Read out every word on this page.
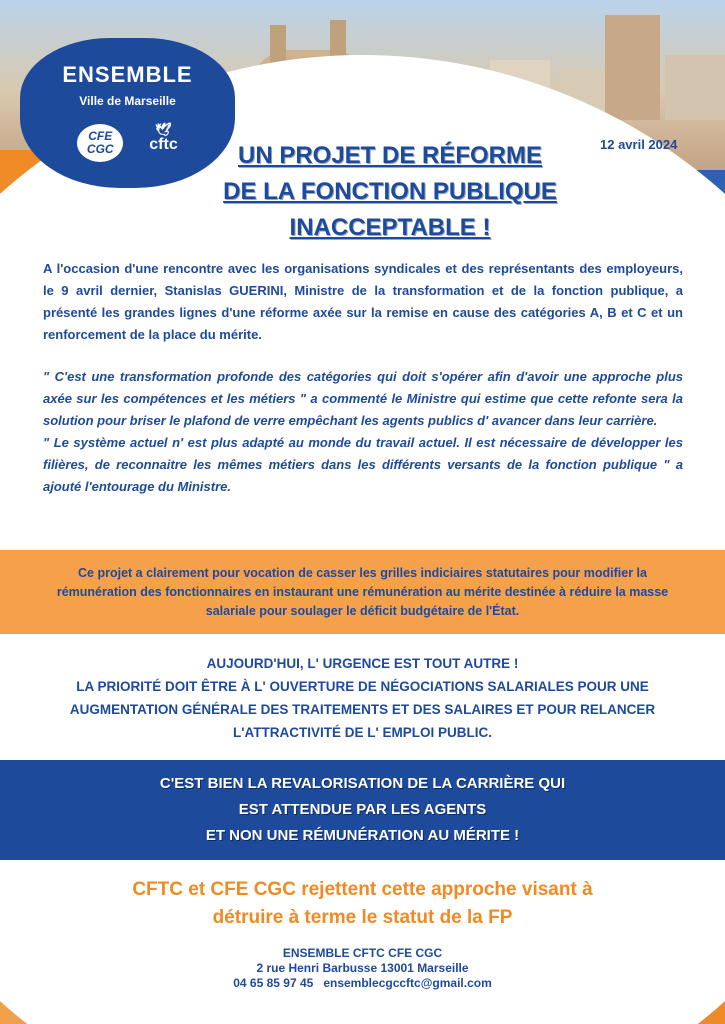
ENSEMBLE
Ville de Marseille
CFE CGC
🕊
cftc	12 avril 2024
UN PROJET DE RÉFORME
DE LA FONCTION PUBLIQUE
INACCEPTABLE !
A l'occasion d'une rencontre avec les organisations syndicales et des représentants des employeurs, le 9 avril dernier, Stanislas GUERINI, Ministre de la transformation et de la fonction publique, a présenté les grandes lignes d'une réforme axée sur la remise en cause des catégories A, B et C et un renforcement de la place du mérite.
" C'est une transformation profonde des catégories qui doit s'opérer afin d'avoir une approche plus axée sur les compétences et les métiers " a commenté le Ministre qui estime que cette refonte sera la solution pour briser le plafond de verre empêchant les agents publics d' avancer dans leur carrière.
" Le système actuel n' est plus adapté au monde du travail actuel. Il est nécessaire de développer les filières, de reconnaitre les mêmes métiers dans les différents versants de la fonction publique " a ajouté l'entourage du Ministre.
Ce projet a clairement pour vocation de casser les grilles indiciaires statutaires pour modifier la rémunération des fonctionnaires en instaurant une rémunération au mérite destinée à réduire la masse salariale pour soulager le déficit budgétaire de l'État.
AUJOURD'HUI, L' URGENCE EST TOUT AUTRE !
LA PRIORITÉ DOIT ÊTRE À L' OUVERTURE DE NÉGOCIATIONS SALARIALES POUR UNE AUGMENTATION GÉNÉRALE DES TRAITEMENTS ET DES SALAIRES ET POUR RELANCER L'ATTRACTIVITÉ DE L' EMPLOI PUBLIC.
C'EST BIEN LA REVALORISATION DE LA CARRIÈRE QUI
EST ATTENDUE PAR LES AGENTS
ET NON UNE RÉMUNÉRATION AU MÉRITE !
CFTC et CFE CGC rejettent cette approche visant à
détruire à terme le statut de la FP
ENSEMBLE CFTC CFE CGC
2 rue Henri Barbusse 13001 Marseille
04 65 85 97 45 ensemblecgccftc@gmail.com
